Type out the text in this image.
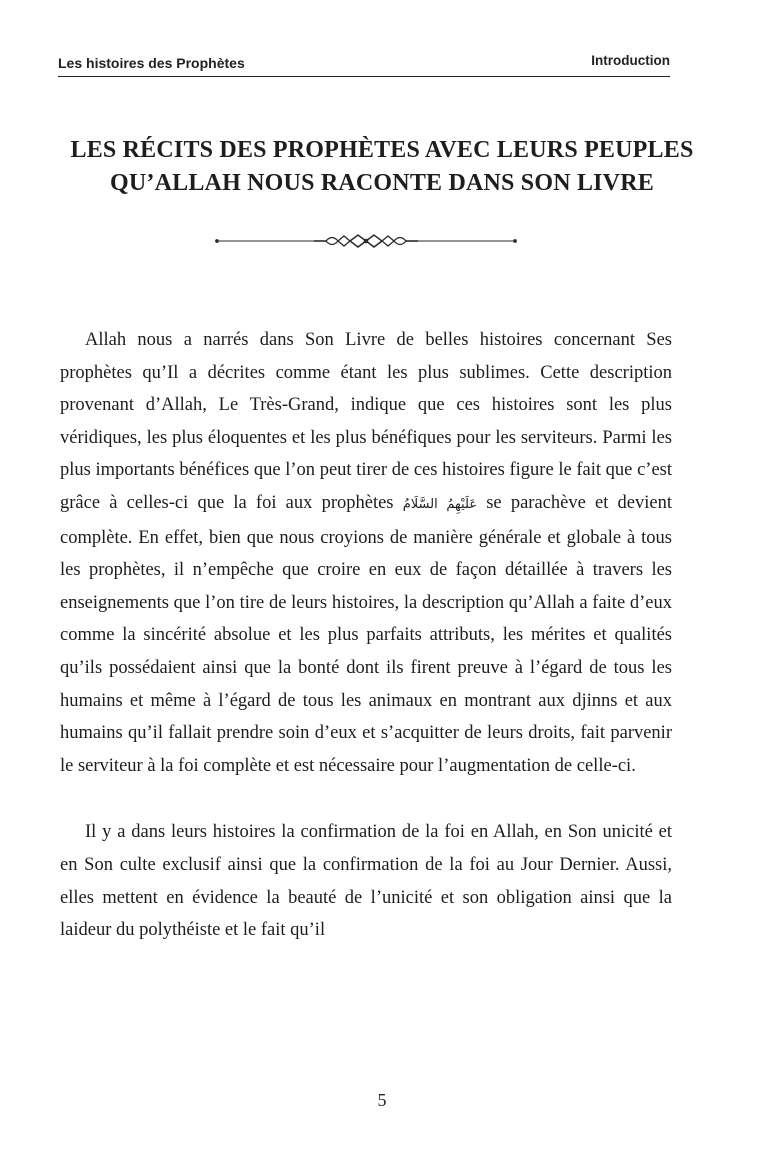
Les histoires des Prophètes	Introduction
LES RÉCITS DES PROPHÈTES AVEC LEURS PEUPLES
QU’ALLAH NOUS RACONTE DANS SON LIVRE

Allah nous a narrés dans Son Livre de belles histoires concernant Ses prophètes qu’Il a décrites comme étant les plus sublimes. Cette description provenant d’Allah, Le Très-Grand, indique que ces histoires sont les plus véridiques, les plus éloquentes et les plus bénéfiques pour les serviteurs. Parmi les plus importants bénéfices que l’on peut tirer de ces histoires figure le fait que c’est grâce à celles-ci que la foi aux prophètes عَلَيْهِمُ السَّلَامُ se parachève et devient complète. En effet, bien que nous croyions de manière générale et globale à tous les prophètes, il n’empêche que croire en eux de façon détaillée à travers les enseignements que l’on tire de leurs histoires, la description qu’Allah a faite d’eux comme la sincérité absolue et les plus parfaits attributs, les mérites et qualités qu’ils possédaient ainsi que la bonté dont ils firent preuve à l’égard de tous les humains et même à l’égard de tous les animaux en montrant aux djinns et aux humains qu’il fallait prendre soin d’eux et s’acquitter de leurs droits, fait parvenir le serviteur à la foi complète et est nécessaire pour l’augmentation de celle-ci.

Il y a dans leurs histoires la confirmation de la foi en Allah, en Son unicité et en Son culte exclusif ainsi que la confirmation de la foi au Jour Dernier. Aussi, elles mettent en évidence la beauté de l’unicité et son obligation ainsi que la laideur du polythéiste et le fait qu’il

5
